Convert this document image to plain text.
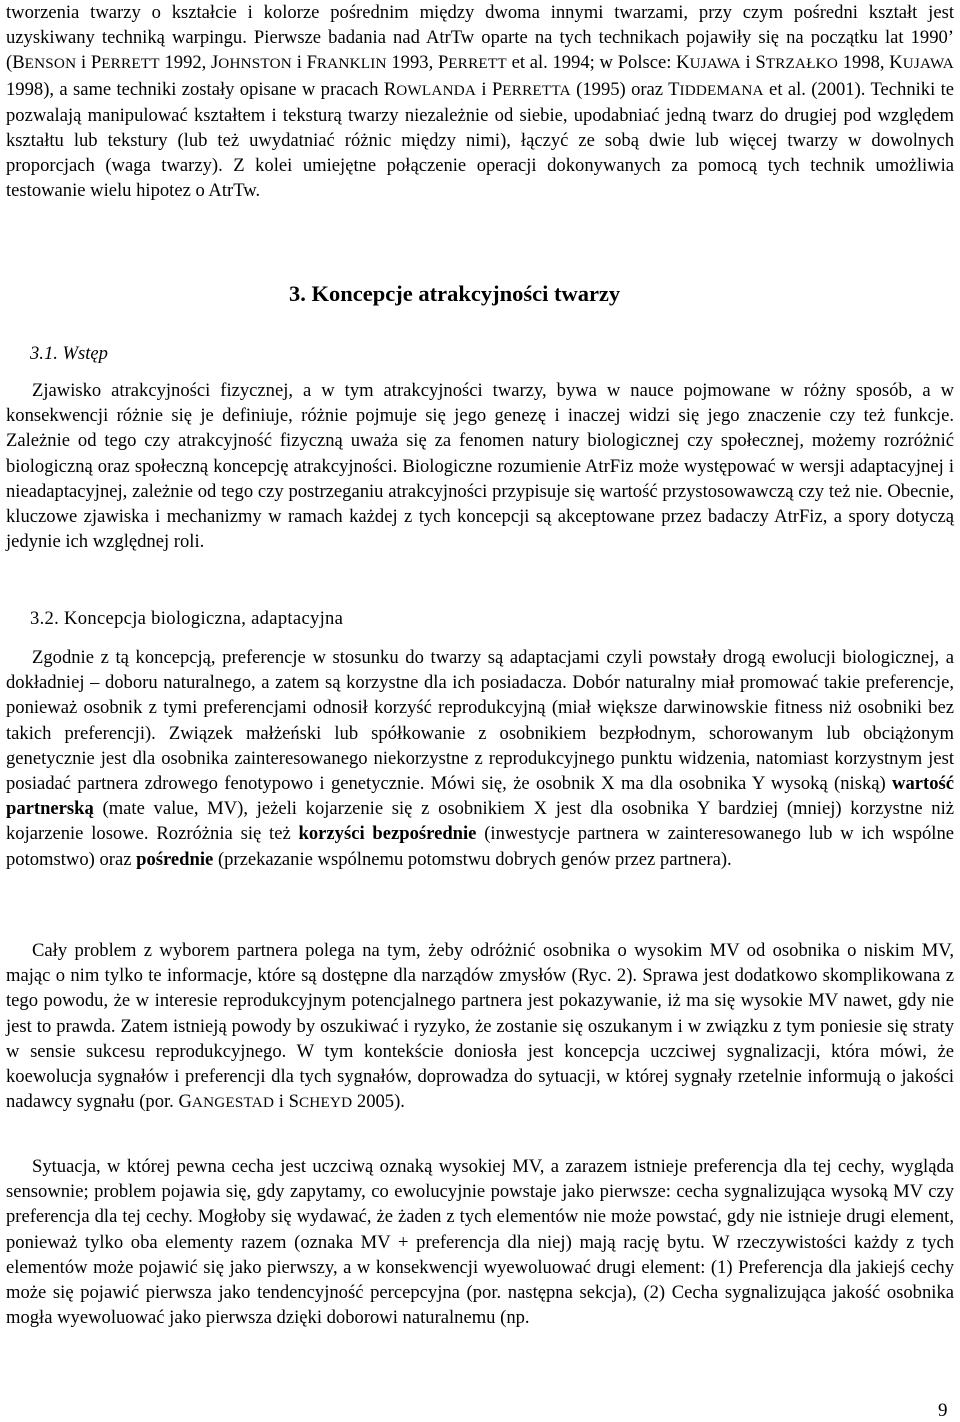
tworzenia twarzy o kształcie i kolorze pośrednim między dwoma innymi twarzami, przy czym pośredni kształt jest uzyskiwany techniką warpingu. Pierwsze badania nad AtrTw oparte na tych technikach pojawiły się na początku lat 1990’ (BENSON i PERRETT 1992, JOHNSTON i FRANKLIN 1993, PERRETT et al. 1994; w Polsce: KUJAWA i STRZAŁKO 1998, KUJAWA 1998), a same techniki zostały opisane w pracach ROWLANDA i PERRETTA (1995) oraz TIDDEMANA et al. (2001). Techniki te pozwalają manipulować kształtem i teksturą twarzy niezależnie od siebie, upodabniać jedną twarz do drugiej pod względem kształtu lub tekstury (lub też uwydatniać różnic między nimi), łączyć ze sobą dwie lub więcej twarzy w dowolnych proporcjach (waga twarzy). Z kolei umiejętne połączenie operacji dokonywanych za pomocą tych technik umożliwia testowanie wielu hipotez o AtrTw.

3. Koncepcje atrakcyjności twarzy
3.1. Wstęp

Zjawisko atrakcyjności fizycznej, a w tym atrakcyjności twarzy, bywa w nauce pojmowane w różny sposób, a w konsekwencji różnie się je definiuje, różnie pojmuje się jego genezę i inaczej widzi się jego znaczenie czy też funkcje. Zależnie od tego czy atrakcyjność fizyczną uważa się za fenomen natury biologicznej czy społecznej, możemy rozróżnić biologiczną oraz społeczną koncepcję atrakcyjności. Biologiczne rozumienie AtrFiz może występować w wersji adaptacyjnej i nieadaptacyjnej, zależnie od tego czy postrzeganiu atrakcyjności przypisuje się wartość przystosowawczą czy też nie. Obecnie, kluczowe zjawiska i mechanizmy w ramach każdej z tych koncepcji są akceptowane przez badaczy AtrFiz, a spory dotyczą jedynie ich względnej roli.

3.2. Koncepcja biologiczna, adaptacyjna

Zgodnie z tą koncepcją, preferencje w stosunku do twarzy są adaptacjami czyli powstały drogą ewolucji biologicznej, a dokładniej – doboru naturalnego, a zatem są korzystne dla ich posiadacza. Dobór naturalny miał promować takie preferencje, ponieważ osobnik z tymi preferencjami odnosił korzyść reprodukcyjną (miał większe darwinowskie fitness niż osobniki bez takich preferencji). Związek małżeński lub spółkowanie z osobnikiem bezpłodnym, schorowanym lub obciążonym genetycznie jest dla osobnika zainteresowanego niekorzystne z reprodukcyjnego punktu widzenia, natomiast korzystnym jest posiadać partnera zdrowego fenotypowo i genetycznie. Mówi się, że osobnik X ma dla osobnika Y wysoką (niską) wartość partnerską (mate value, MV), jeżeli kojarzenie się z osobnikiem X jest dla osobnika Y bardziej (mniej) korzystne niż kojarzenie losowe. Rozróżnia się też korzyści bezpośrednie (inwestycje partnera w zainteresowanego lub w ich wspólne potomstwo) oraz pośrednie (przekazanie wspólnemu potomstwu dobrych genów przez partnera).

Cały problem z wyborem partnera polega na tym, żeby odróżnić osobnika o wysokim MV od osobnika o niskim MV, mając o nim tylko te informacje, które są dostępne dla narządów zmysłów (Ryc. 2). Sprawa jest dodatkowo skomplikowana z tego powodu, że w interesie reprodukcyjnym potencjalnego partnera jest pokazywanie, iż ma się wysokie MV nawet, gdy nie jest to prawda. Zatem istnieją powody by oszukiwać i ryzyko, że zostanie się oszukanym i w związku z tym poniesie się straty w sensie sukcesu reprodukcyjnego. W tym kontekście doniosła jest koncepcja uczciwej sygnalizacji, która mówi, że koewolucja sygnałów i preferencji dla tych sygnałów, doprowadza do sytuacji, w której sygnały rzetelnie informują o jakości nadawcy sygnału (por. GANGESTAD i SCHEYD 2005).

Sytuacja, w której pewna cecha jest uczciwą oznaką wysokiej MV, a zarazem istnieje preferencja dla tej cechy, wygląda sensownie; problem pojawia się, gdy zapytamy, co ewolucyjnie powstaje jako pierwsze: cecha sygnalizująca wysoką MV czy preferencja dla tej cechy. Mogłoby się wydawać, że żaden z tych elementów nie może powstać, gdy nie istnieje drugi element, ponieważ tylko oba elementy razem (oznaka MV + preferencja dla niej) mają rację bytu. W rzeczywistości każdy z tych elementów może pojawić się jako pierwszy, a w konsekwencji wyewoluować drugi element: (1) Preferencja dla jakiejś cechy może się pojawić pierwsza jako tendencyjność percepcyjna (por. następna sekcja), (2) Cecha sygnalizująca jakość osobnika mogła wyewoluować jako pierwsza dzięki doborowi naturalnemu (np.

9
